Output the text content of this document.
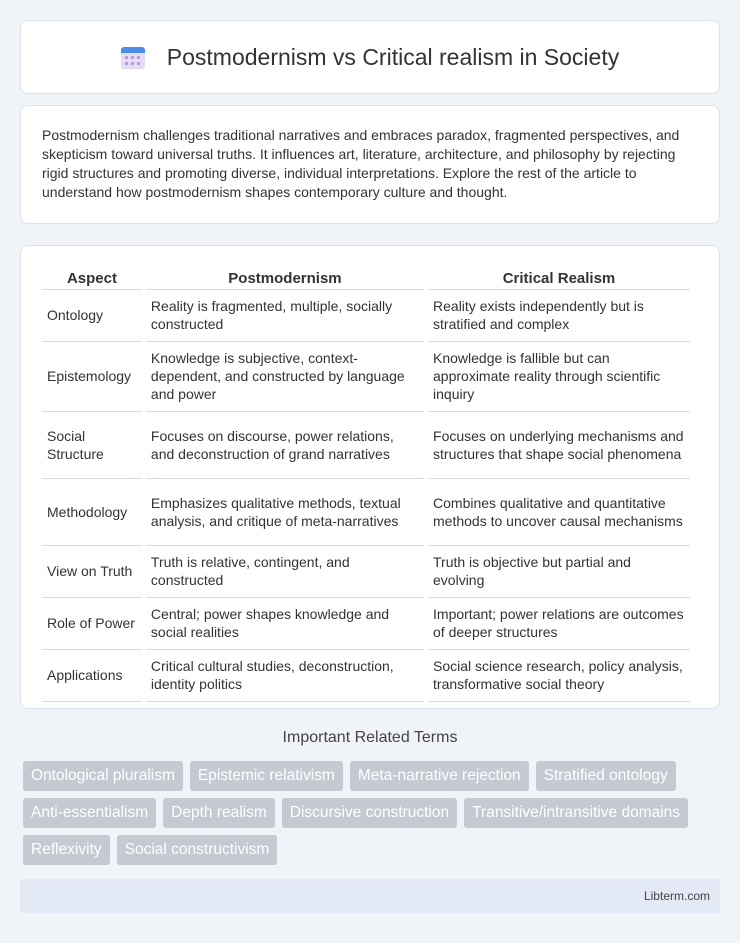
Postmodernism vs Critical realism in Society

Postmodernism challenges traditional narratives and embraces paradox, fragmented perspectives, and skepticism toward universal truths. It influences art, literature, architecture, and philosophy by rejecting rigid structures and promoting diverse, individual interpretations. Explore the rest of the article to understand how postmodernism shapes contemporary culture and thought.

Aspect	Postmodernism	Critical Realism
Ontology	Reality is fragmented, multiple, socially constructed	Reality exists independently but is stratified and complex
Epistemology	Knowledge is subjective, context-dependent, and constructed by language and power	Knowledge is fallible but can approximate reality through scientific inquiry
Social Structure	Focuses on discourse, power relations, and deconstruction of grand narratives	Focuses on underlying mechanisms and structures that shape social phenomena
Methodology	Emphasizes qualitative methods, textual analysis, and critique of meta-narratives	Combines qualitative and quantitative methods to uncover causal mechanisms
View on Truth	Truth is relative, contingent, and constructed	Truth is objective but partial and evolving
Role of Power	Central; power shapes knowledge and social realities	Important; power relations are outcomes of deeper structures
Applications	Critical cultural studies, deconstruction, identity politics	Social science research, policy analysis, transformative social theory
Important Related Terms
Ontological pluralism	Epistemic relativism	Meta-narrative rejection	Stratified ontology
Anti-essentialism	Depth realism	Discursive construction	Transitive/intransitive domains
Reflexivity	Social constructivism
Libterm.com
